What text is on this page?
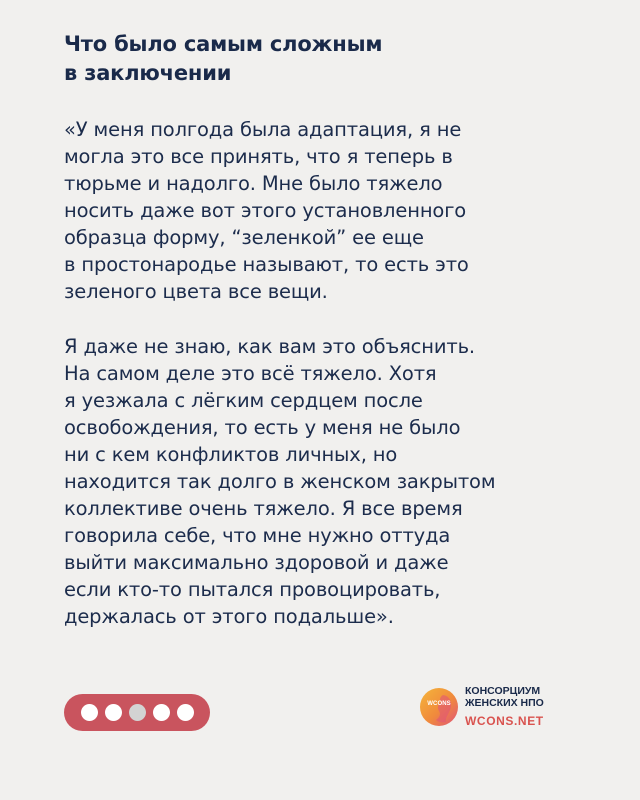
Что было самым сложным
в заключении

«У меня полгода была адаптация, я не
могла это все принять, что я теперь в
тюрьме и надолго. Мне было тяжело
носить даже вот этого установленного
образца форму, “зеленкой” ее еще
в простонародье называют, то есть это
зеленого цвета все вещи.

Я даже не знаю, как вам это объяснить.
На самом деле это всё тяжело. Хотя
я уезжала с лёгким сердцем после
освобождения, то есть у меня не было
ни с кем конфликтов личных, но
находится так долго в женском закрытом
коллективе очень тяжело. Я все время
говорила себе, что мне нужно оттуда
выйти максимально здоровой и даже
если кто-то пытался провоцировать,
держалась от этого подальше».

WCONS
КОНСОРЦИУМ
ЖЕНСКИХ НПО
WCONS.NET
